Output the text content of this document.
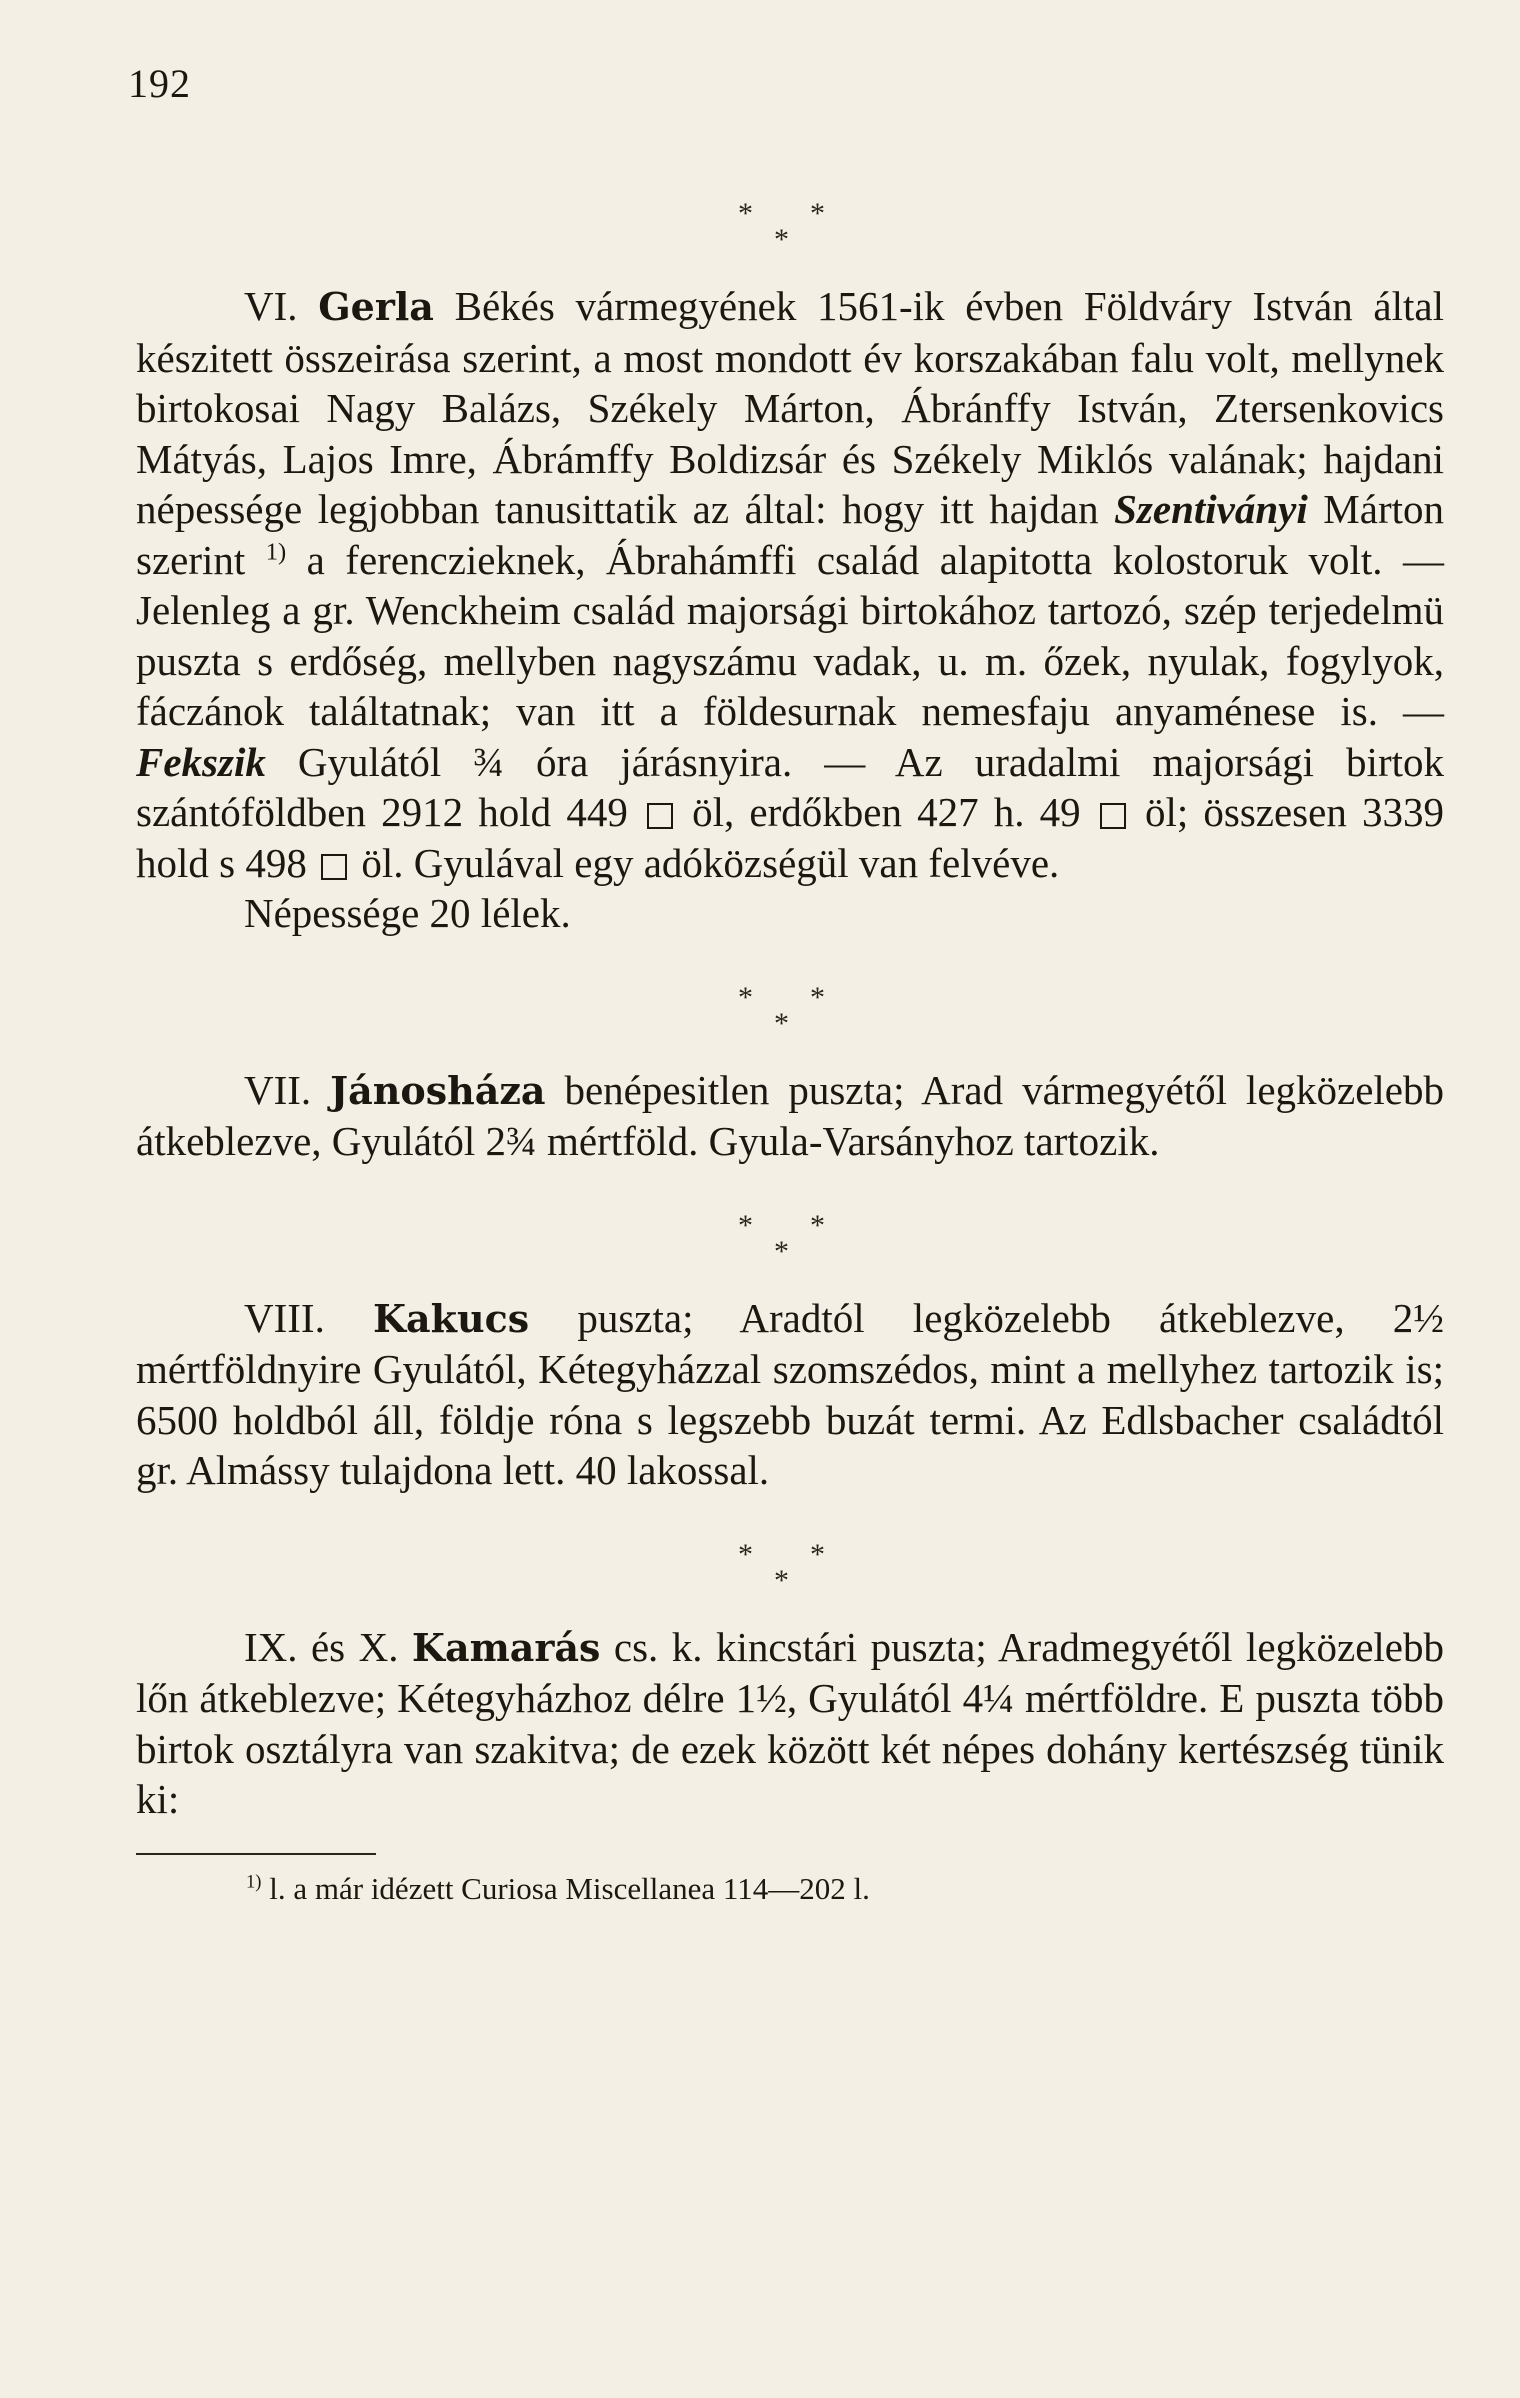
192
* *
*

VI. Gerla Békés vármegyének 1561-ik évben Földváry István által készitett összeirása szerint, a most mondott év korszakában falu volt, mellynek birtokosai Nagy Balázs, Székely Márton, Ábránffy István, Ztersenkovics Mátyás, Lajos Imre, Ábrámffy Boldizsár és Székely Miklós valának; hajdani népessége legjobban tanusittatik az által: hogy itt hajdan Szentiványi Márton szerint $^{1)}$ a ferenczieknek, Ábrahámffi család alapitotta kolostoruk volt. — Jelenleg a gr. Wenckheim család majorsági birtokához tartozó, szép terjedelmü puszta s erdőség, mellyben nagyszámu vadak, u. m. őzek, nyulak, fogylyok, fáczánok találtatnak; van itt a földesurnak nemesfaju anyaménese is. — Fekszik Gyulától ¾ óra járásnyira. — Az uradalmi majorsági birtok szántóföldben 2912 hold 449  öl, erdőkben 427 h. 49  öl; összesen 3339 hold s 498  öl. Gyulával egy adóközségül van felvéve.

Népessége 20 lélek.

* *
*

VII. Jánosháza benépesitlen puszta; Arad vármegyétől legközelebb átkeblezve, Gyulától 2¾ mértföld. Gyula-Varsányhoz tartozik.

* *
*

VIII. Kakucs puszta; Aradtól legközelebb átkeblezve, 2½ mértföldnyire Gyulától, Kétegyházzal szomszédos, mint a mellyhez tartozik is; 6500 holdból áll, földje róna s legszebb buzát termi. Az Edlsbacher családtól gr. Almássy tulajdona lett. 40 lakossal.

* *
*

IX. és X. Kamarás cs. k. kincstári puszta; Aradmegyétől legközelebb lőn átkeblezve; Kétegyházhoz délre 1½, Gyulától 4¼ mértföldre. E puszta több birtok osztályra van szakitva; de ezek között két népes dohány kertészség tünik ki:

$^{1)}$ l. a már idézett Curiosa Miscellanea 114—202 l.
